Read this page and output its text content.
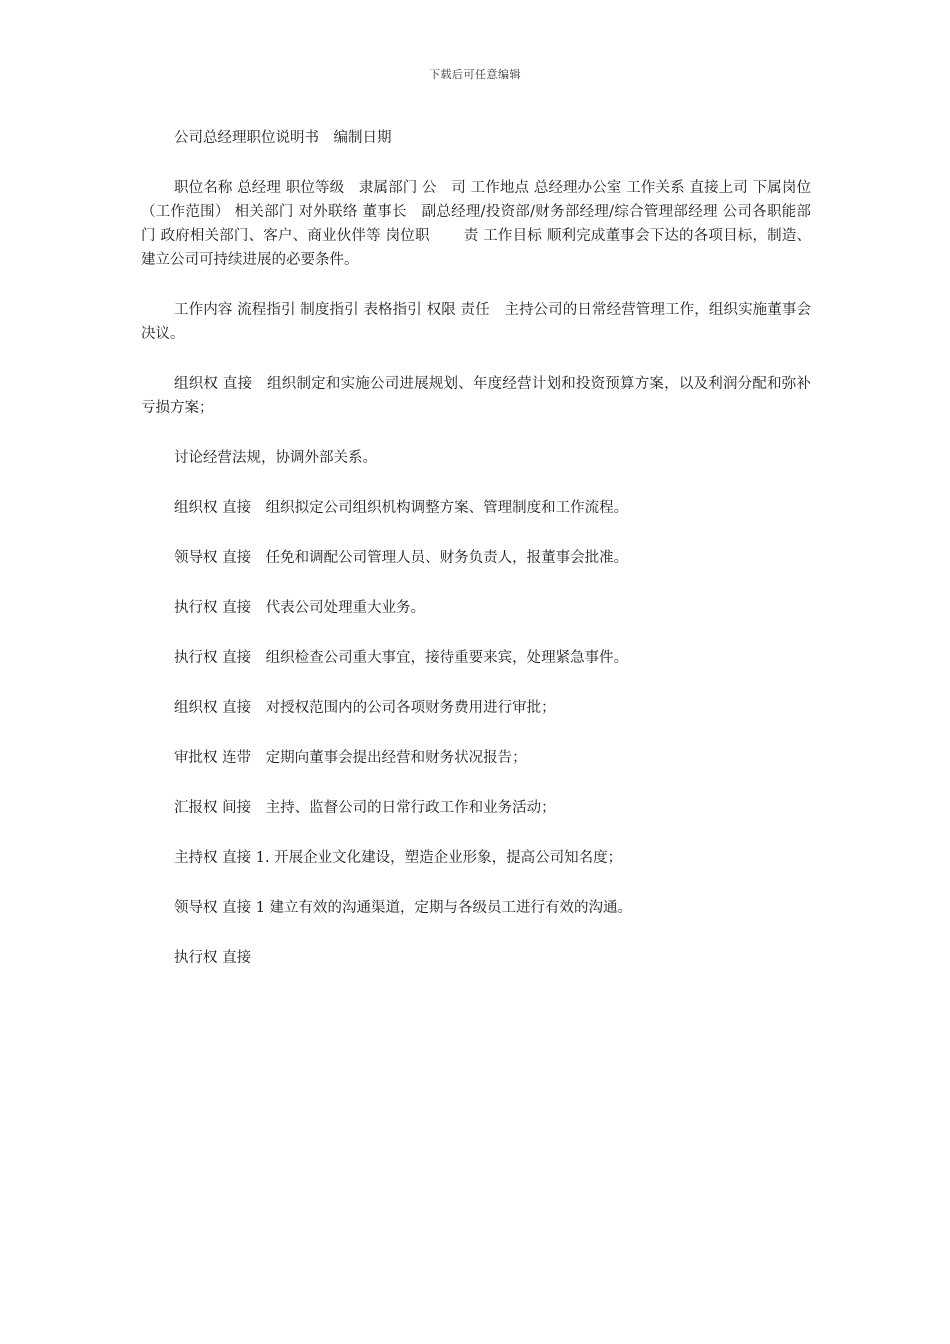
下载后可任意编辑

公司总经理职位说明书　编制日期

职位名称 总经理 职位等级　隶属部门 公　司 工作地点 总经理办公室 工作关系 直接上司 下属岗位（工作范围） 相关部门 对外联络 董事长　副总经理/投资部/财务部经理/综合管理部经理 公司各职能部门 政府相关部门、客户、商业伙伴等 岗位职　　 责 工作目标 顺利完成董事会下达的各项目标，制造、建立公司可持续进展的必要条件。

工作内容 流程指引 制度指引 表格指引 权限 责任　主持公司的日常经营管理工作，组织实施董事会决议。

组织权 直接　组织制定和实施公司进展规划、年度经营计划和投资预算方案，以及利润分配和弥补亏损方案；

讨论经营法规，协调外部关系。

组织权 直接　组织拟定公司组织机构调整方案、管理制度和工作流程。

领导权 直接　任免和调配公司管理人员、财务负责人，报董事会批准。

执行权 直接　代表公司处理重大业务。

执行权 直接　组织检查公司重大事宜，接待重要来宾，处理紧急事件。

组织权 直接　对授权范围内的公司各项财务费用进行审批；

审批权 连带　定期向董事会提出经营和财务状况报告；

汇报权 间接　主持、监督公司的日常行政工作和业务活动；

主持权 直接 1. 开展企业文化建设，塑造企业形象，提高公司知名度；

领导权 直接 1 建立有效的沟通渠道，定期与各级员工进行有效的沟通。

执行权 直接
